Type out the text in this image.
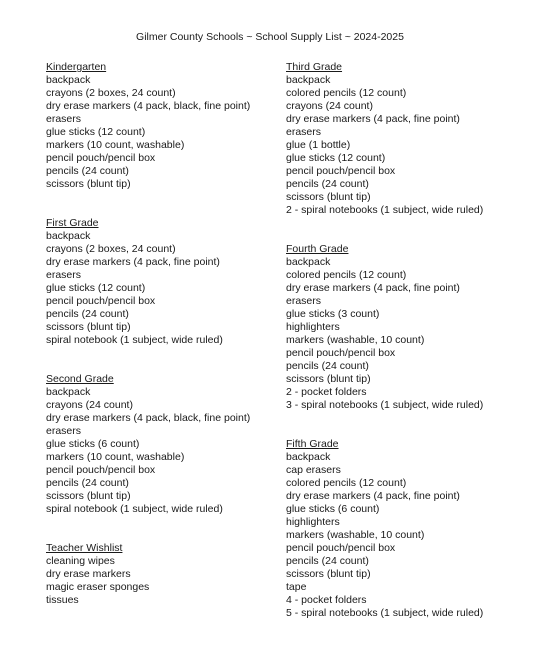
Gilmer County Schools ~ School Supply List ~ 2024-2025
Kindergarten
backpack
crayons (2 boxes, 24 count)
dry erase markers (4 pack, black, fine point)
erasers
glue sticks (12 count)
markers (10 count, washable)
pencil pouch/pencil box
pencils (24 count)
scissors (blunt tip)
First Grade
backpack
crayons (2 boxes, 24 count)
dry erase markers (4 pack, fine point)
erasers
glue sticks (12 count)
pencil pouch/pencil box
pencils (24 count)
scissors (blunt tip)
spiral notebook (1 subject, wide ruled)
Second Grade
backpack
crayons (24 count)
dry erase markers (4 pack, black, fine point)
erasers
glue sticks (6 count)
markers (10 count, washable)
pencil pouch/pencil box
pencils (24 count)
scissors (blunt tip)
spiral notebook (1 subject, wide ruled)
Teacher Wishlist
cleaning wipes
dry erase markers
magic eraser sponges
tissues
Third Grade
backpack
colored pencils (12 count)
crayons (24 count)
dry erase markers (4 pack, fine point)
erasers
glue (1 bottle)
glue sticks (12 count)
pencil pouch/pencil box
pencils (24 count)
scissors (blunt tip)
2 - spiral notebooks (1 subject, wide ruled)
Fourth Grade
backpack
colored pencils (12 count)
dry erase markers (4 pack, fine point)
erasers
glue sticks (3 count)
highlighters
markers (washable, 10 count)
pencil pouch/pencil box
pencils (24 count)
scissors (blunt tip)
2 - pocket folders
3 - spiral notebooks (1 subject, wide ruled)
Fifth Grade
backpack
cap erasers
colored pencils (12 count)
dry erase markers (4 pack, fine point)
glue sticks (6 count)
highlighters
markers (washable, 10 count)
pencil pouch/pencil box
pencils (24 count)
scissors (blunt tip)
tape
4 - pocket folders
5 - spiral notebooks (1 subject, wide ruled)
